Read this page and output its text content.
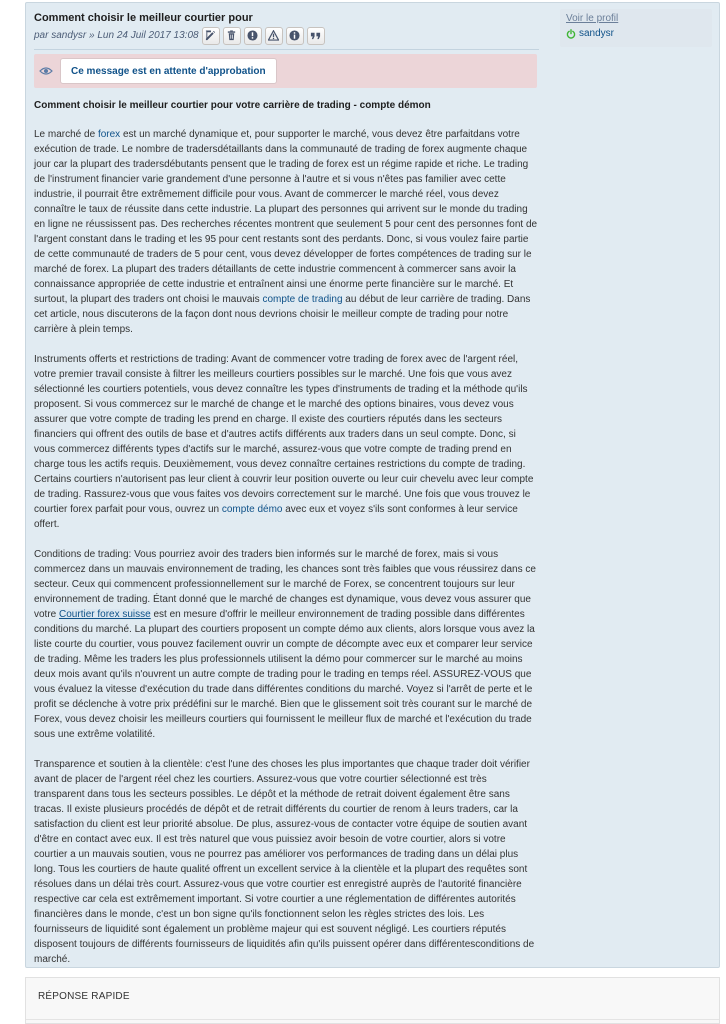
Comment choisir le meilleur courtier pour
par sandysr » Lun 24 Juil 2017 13:08
Ce message est en attente d'approbation
Comment choisir le meilleur courtier pour votre carrière de trading - compte démon

Le marché de forex est un marché dynamique et, pour supporter le marché, vous devez être parfaitdans votre exécution de trade. Le nombre de tradersdétaillants dans la communauté de trading de forex augmente chaque jour car la plupart des tradersdébutants pensent que le trading de forex est un régime rapide et riche. Le trading de l'instrument financier varie grandement d'une personne à l'autre et si vous n'êtes pas familier avec cette industrie, il pourrait être extrêmement difficile pour vous. Avant de commercer le marché réel, vous devez connaître le taux de réussite dans cette industrie. La plupart des personnes qui arrivent sur le monde du trading en ligne ne réussissent pas. Des recherches récentes montrent que seulement 5 pour cent des personnes font de l'argent constant dans le trading et les 95 pour cent restants sont des perdants. Donc, si vous voulez faire partie de cette communauté de traders de 5 pour cent, vous devez développer de fortes compétences de trading sur le marché de forex. La plupart des traders détaillants de cette industrie commencent à commercer sans avoir la connaissance appropriée de cette industrie et entraînent ainsi une énorme perte financière sur le marché. Et surtout, la plupart des traders ont choisi le mauvais compte de trading au début de leur carrière de trading. Dans cet article, nous discuterons de la façon dont nous devrions choisir le meilleur compte de trading pour notre carrière à plein temps.

Instruments offerts et restrictions de trading: Avant de commencer votre trading de forex avec de l'argent réel, votre premier travail consiste à filtrer les meilleurs courtiers possibles sur le marché. Une fois que vous avez sélectionné les courtiers potentiels, vous devez connaître les types d'instruments de trading et la méthode qu'ils proposent. Si vous commercez sur le marché de change et le marché des options binaires, vous devez vous assurer que votre compte de trading les prend en charge. Il existe des courtiers réputés dans les secteurs financiers qui offrent des outils de base et d'autres actifs différents aux traders dans un seul compte. Donc, si vous commercez différents types d'actifs sur le marché, assurez-vous que votre compte de trading prend en charge tous les actifs requis. Deuxièmement, vous devez connaître certaines restrictions du compte de trading. Certains courtiers n'autorisent pas leur client à couvrir leur position ouverte ou leur cuir chevelu avec leur compte de trading. Rassurez-vous que vous faites vos devoirs correctement sur le marché. Une fois que vous trouvez le courtier forex parfait pour vous, ouvrez un compte démo avec eux et voyez s'ils sont conformes à leur service offert.

Conditions de trading: Vous pourriez avoir des traders bien informés sur le marché de forex, mais si vous commercez dans un mauvais environnement de trading, les chances sont très faibles que vous réussirez dans ce secteur. Ceux qui commencent professionnellement sur le marché de Forex, se concentrent toujours sur leur environnement de trading. Étant donné que le marché de changes est dynamique, vous devez vous assurer que votre Courtier forex suisse est en mesure d'offrir le meilleur environnement de trading possible dans différentes conditions du marché. La plupart des courtiers proposent un compte démo aux clients, alors lorsque vous avez la liste courte du courtier, vous pouvez facilement ouvrir un compte de décompte avec eux et comparer leur service de trading. Même les traders les plus professionnels utilisent la démo pour commercer sur le marché au moins deux mois avant qu'ils n'ouvrent un autre compte de trading pour le trading en temps réel. ASSUREZ-VOUS que vous évaluez la vitesse d'exécution du trade dans différentes conditions du marché. Voyez si l'arrêt de perte et le profit se déclenche à votre prix prédéfini sur le marché. Bien que le glissement soit très courant sur le marché de Forex, vous devez choisir les meilleurs courtiers qui fournissent le meilleur flux de marché et l'exécution du trade sous une extrême volatilité.

Transparence et soutien à la clientèle: c'est l'une des choses les plus importantes que chaque trader doit vérifier avant de placer de l'argent réel chez les courtiers. Assurez-vous que votre courtier sélectionné est très transparent dans tous les secteurs possibles. Le dépôt et la méthode de retrait doivent également être sans tracas. Il existe plusieurs procédés de dépôt et de retrait différents du courtier de renom à leurs traders, car la satisfaction du client est leur priorité absolue. De plus, assurez-vous de contacter votre équipe de soutien avant d'être en contact avec eux. Il est très naturel que vous puissiez avoir besoin de votre courtier, alors si votre courtier a un mauvais soutien, vous ne pourrez pas améliorer vos performances de trading dans un délai plus long. Tous les courtiers de haute qualité offrent un excellent service à la clientèle et la plupart des requêtes sont résolues dans un délai très court. Assurez-vous que votre courtier est enregistré auprès de l'autorité financière respective car cela est extrêmement important. Si votre courtier a une réglementation de différentes autorités financières dans le monde, c'est un bon signe qu'ils fonctionnent selon les règles strictes des lois. Les fournisseurs de liquidité sont également un problème majeur qui est souvent négligé. Les courtiers réputés disposent toujours de différents fournisseurs de liquidités afin qu'ils puissent opérer dans différentesconditions de marché.

Voir le profil
sandysr
RÉPONSE RAPIDE
